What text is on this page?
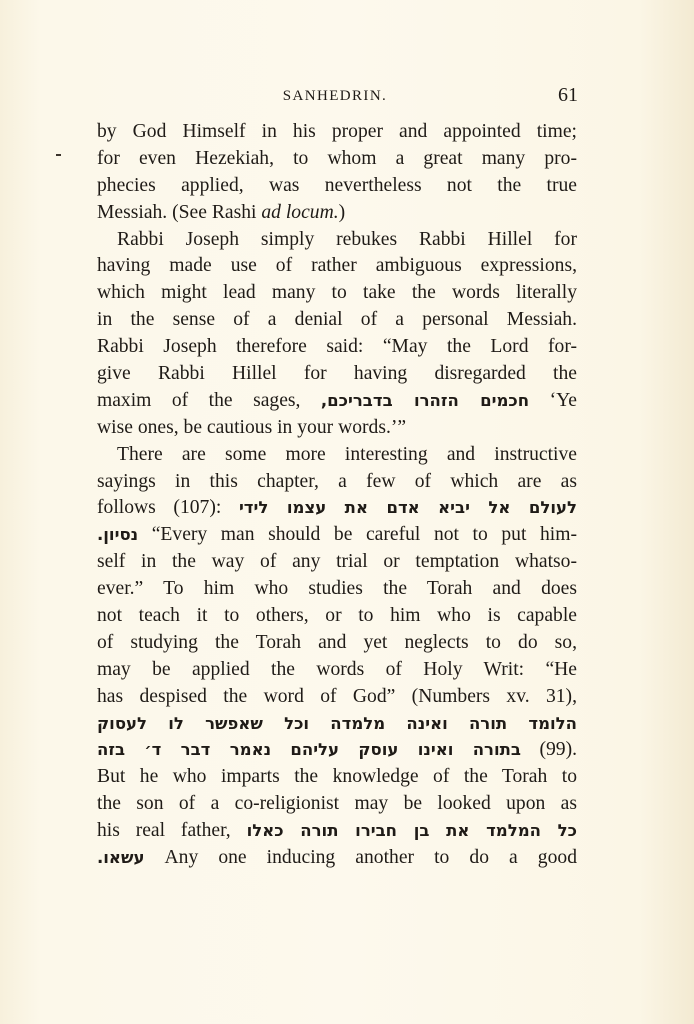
SANHEDRIN.	61
by God Himself in his proper and appointed time;
for even Hezekiah, to whom a great many pro-
phecies applied, was nevertheless not the true
Messiah. (See Rashi ad locum.)
Rabbi Joseph simply rebukes Rabbi Hillel for
having made use of rather ambiguous expressions,
which might lead many to take the words literally
in the sense of a denial of a personal Messiah.
Rabbi Joseph therefore said: “May the Lord for-
give Rabbi Hillel for having disregarded the
maxim of the sages, חכמים הזהרו בדבריכם, ‘Ye
wise ones, be cautious in your words.’”
There are some more interesting and instructive
sayings in this chapter, a few of which are as
follows (107): לעולם אל יביא אדם את עצמו לידי
נסיון. “Every man should be careful not to put him-
self in the way of any trial or temptation whatso-
ever.” To him who studies the Torah and does
not teach it to others, or to him who is capable
of studying the Torah and yet neglects to do so,
may be applied the words of Holy Writ: “He
has despised the word of God” (Numbers xv. 31),
הלומד תורה ואינה מלמדה וכל שאפשר לו לעסוק
בתורה ואינו עוסק עליהם נאמר דבר ד׳ בזה (99).
But he who imparts the knowledge of the Torah to
the son of a co-religionist may be looked upon as
his real father, כל המלמד את בן חבירו תורה כאלו
עשאו. Any one inducing another to do a good
